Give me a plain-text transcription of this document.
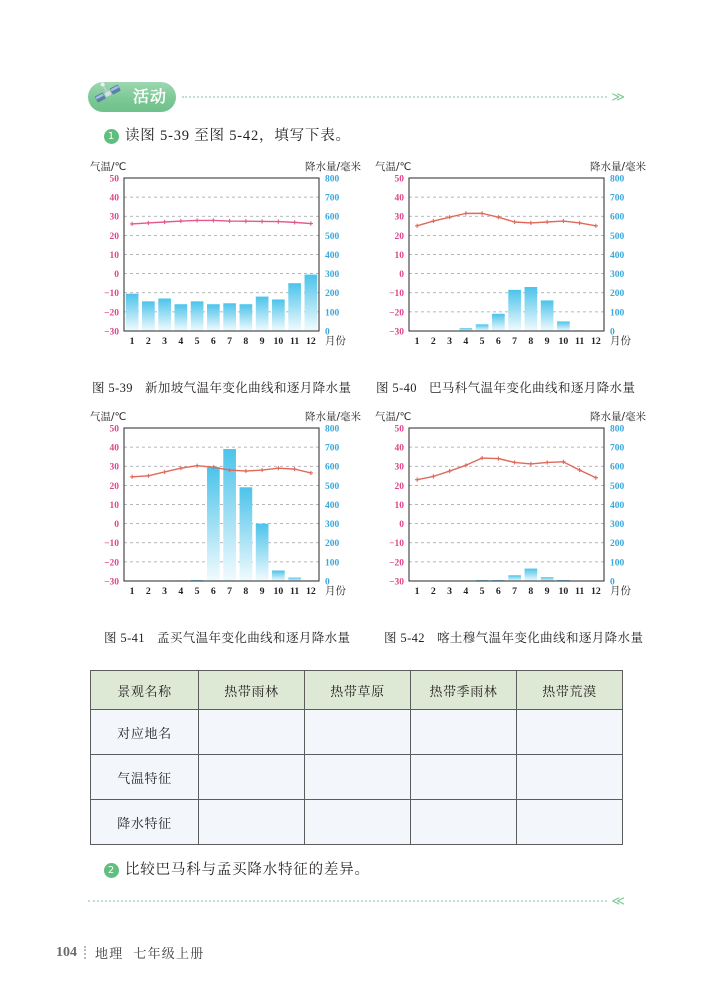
活动	≫
1 读图 5-39 至图 5-42，填写下表。
气温/℃	降水量/毫米
50
40
30
20
10
0
−10
−20
−30
800
700
600
500
400
300
200
100
0
1 2 3 4 5 6 7 8 9 10 11 12 月份
气温/℃	降水量/毫米
50
40
30
20
10
0
−10
−20
−30
800
700
600
500
400
300
200
100
0
1 2 3 4 5 6 7 8 9 10 11 12 月份
气温/℃	降水量/毫米
50
40
30
20
10
0
−10
−20
−30
800
700
600
500
400
300
200
100
0
1 2 3 4 5 6 7 8 9 10 11 12 月份
气温/℃	降水量/毫米
50
40
30
20
10
0
−10
−20
−30
800
700
600
500
400
300
200
100
0
1 2 3 4 5 6 7 8 9 10 11 12 月份
图 5-39 新加坡气温年变化曲线和逐月降水量 图 5-40 巴马科气温年变化曲线和逐月降水量
图 5-41 孟买气温年变化曲线和逐月降水量	图 5-42 喀土穆气温年变化曲线和逐月降水量
景观名称	热带雨林	热带草原	热带季雨林	热带荒漠
对应地名				
气温特征				
降水特征				
2 比较巴马科与孟买降水特征的差异。
≪
104 地理 七年级上册
